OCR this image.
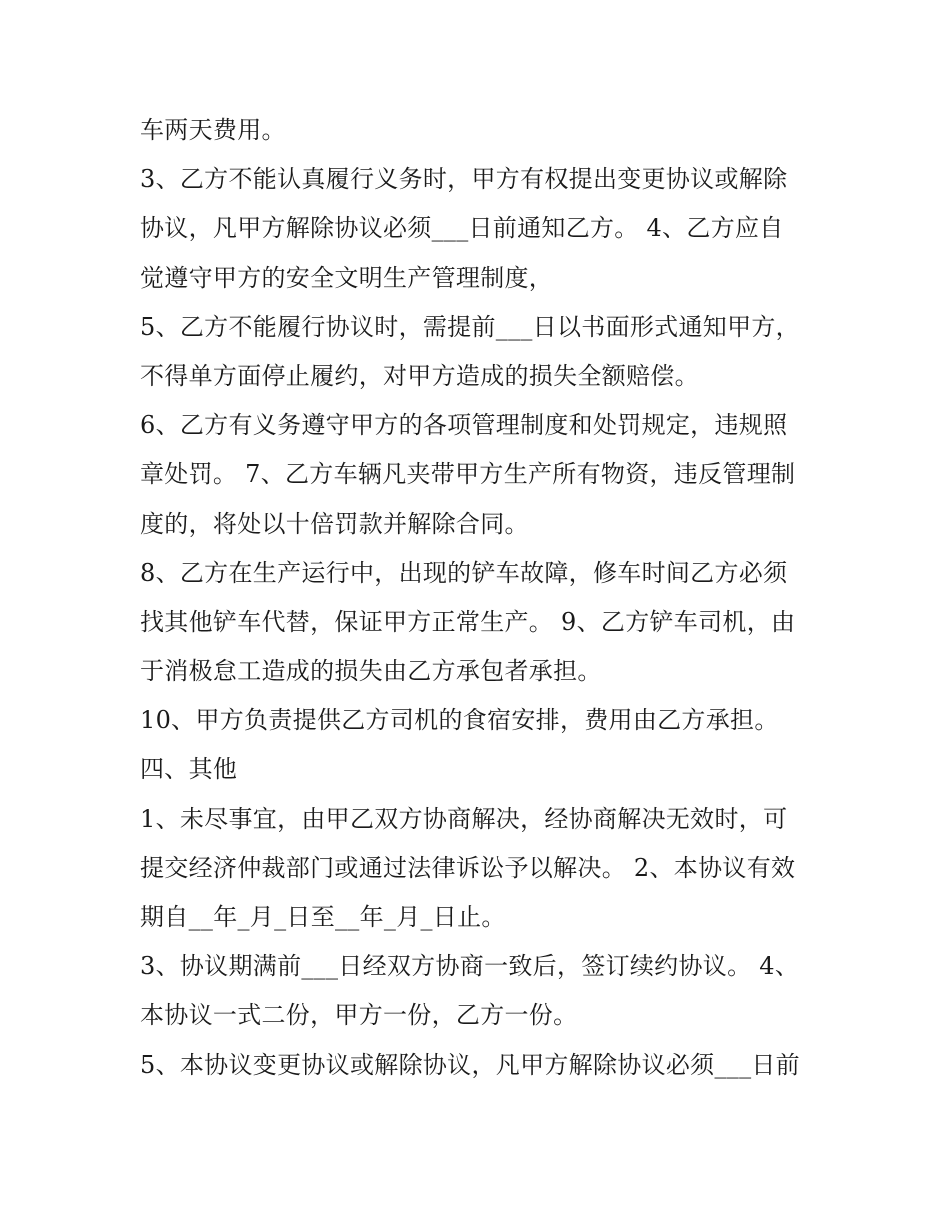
车两天费用。
3、乙方不能认真履行义务时，甲方有权提出变更协议或解除
协议，凡甲方解除协议必须___日前通知乙方。 4、乙方应自
觉遵守甲方的安全文明生产管理制度，
5、乙方不能履行协议时，需提前___日以书面形式通知甲方，
不得单方面停止履约，对甲方造成的损失全额赔偿。
6、乙方有义务遵守甲方的各项管理制度和处罚规定，违规照
章处罚。 7、乙方车辆凡夹带甲方生产所有物资，违反管理制
度的，将处以十倍罚款并解除合同。
8、乙方在生产运行中，出现的铲车故障，修车时间乙方必须
找其他铲车代替，保证甲方正常生产。 9、乙方铲车司机，由
于消极怠工造成的损失由乙方承包者承担。
10、甲方负责提供乙方司机的食宿安排，费用由乙方承担。
四、其他
1、未尽事宜，由甲乙双方协商解决，经协商解决无效时，可
提交经济仲裁部门或通过法律诉讼予以解决。 2、本协议有效
期自__年_月_日至__年_月_日止。
3、协议期满前___日经双方协商一致后，签订续约协议。 4、
本协议一式二份，甲方一份，乙方一份。
5、本协议变更协议或解除协议，凡甲方解除协议必须___日前
